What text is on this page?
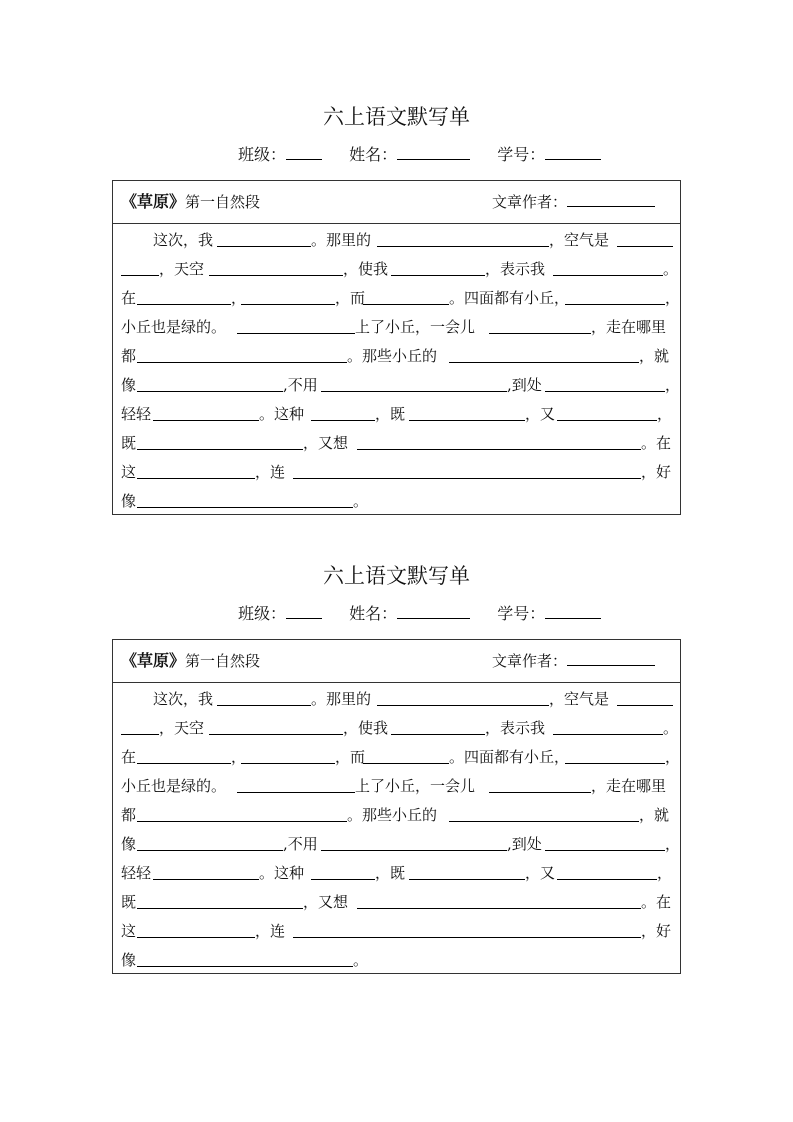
六上语文默写单
班级：	姓名：	学号：
《草原》第一自然段	文章作者：
这次，我	。那里的	，空气是
，天空	，使我	，表示我	。
在	，	，而	。四面都有小丘，	，
小丘也是绿的。	上了小丘，一会儿	，走在哪里
都	。那些小丘的	，就
像	,不用	,到处	，
轻轻	。这种	，既	，又	，
既	，又想	。在
这	，连	，好
像	。
六上语文默写单
班级：	姓名：	学号：
《草原》第一自然段	文章作者：
这次，我	。那里的	，空气是
，天空	，使我	，表示我	。
在	，	，而	。四面都有小丘，	，
小丘也是绿的。	上了小丘，一会儿	，走在哪里
都	。那些小丘的	，就
像	,不用	,到处	，
轻轻	。这种	，既	，又	，
既	，又想	。在
这	，连	，好
像	。
